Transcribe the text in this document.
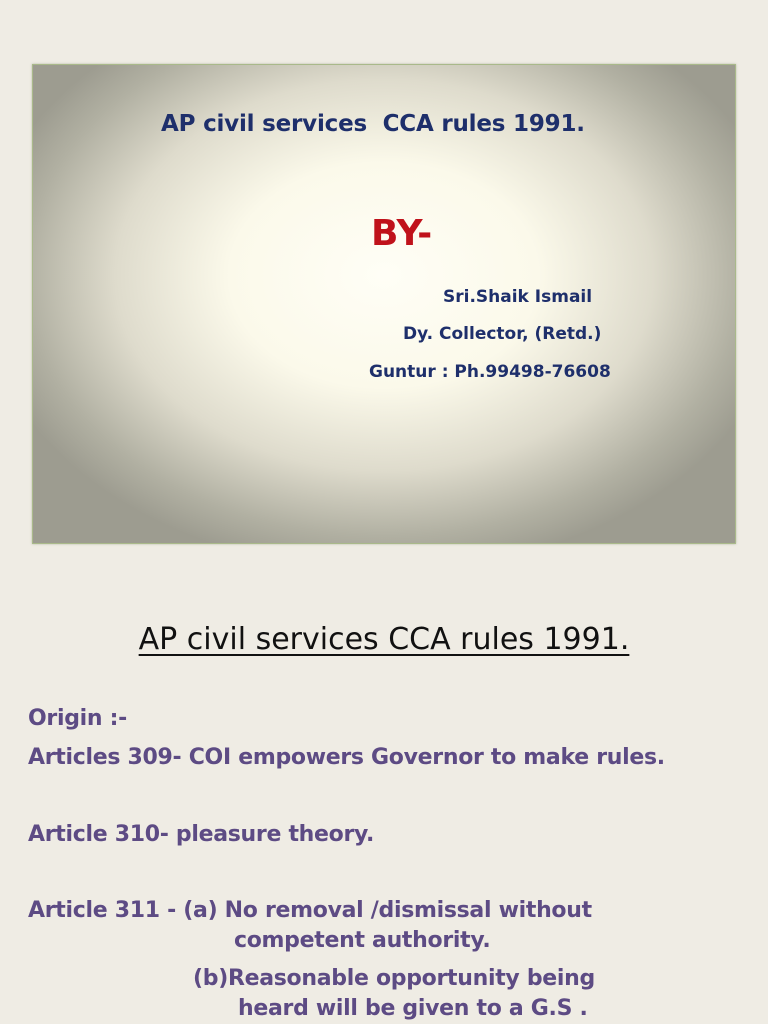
AP civil services  CCA rules 1991.
BY-
Sri.Shaik Ismail
Dy. Collector, (Retd.)
Guntur : Ph.99498-76608
AP civil services CCA rules 1991.
Origin :-
Articles 309- COI empowers Governor to make rules.
Article 310- pleasure theory.
Article 311 - (a) No removal /dismissal without
competent authority.
(b)Reasonable opportunity being
heard will be given to a G.S .
